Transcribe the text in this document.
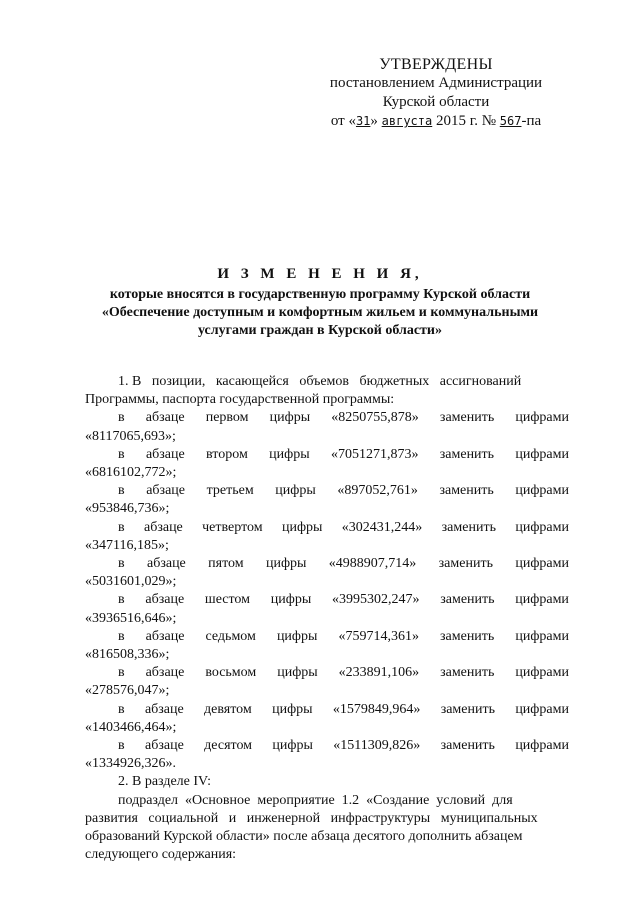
УТВЕРЖДЕНЫ
постановлением Администрации
Курской области
от «31» августа 2015 г. № 567-па
И З М Е Н Е Н И Я,
которые вносятся в государственную программу Курской области
«Обеспечение доступным и комфортным жильем и коммунальными
услугами граждан в Курской области»

1. В   позиции,   касающейся   объемов   бюджетных   ассигнований

Программы, паспорта государственной программы:

в абзаце первом цифры «8250755,878» заменить цифрами
«8117065,693»;
в абзаце втором цифры «7051271,873» заменить цифрами
«6816102,772»;
в абзаце третьем цифры «897052,761» заменить цифрами
«953846,736»;
в абзаце четвертом цифры «302431,244» заменить цифрами
«347116,185»;
в абзаце пятом цифры «4988907,714» заменить цифрами
«5031601,029»;
в абзаце шестом цифры «3995302,247» заменить цифрами
«3936516,646»;
в абзаце седьмом цифры «759714,361» заменить цифрами
«816508,336»;
в абзаце восьмом цифры «233891,106» заменить цифрами
«278576,047»;
в абзаце девятом цифры «1579849,964» заменить цифрами
«1403466,464»;
в абзаце десятом цифры «1511309,826» заменить цифрами
«1334926,326».

2. В разделе IV:

подраздел  «Основное  мероприятие  1.2  «Создание  условий  для

развития   социальной   и   инженерной   инфраструктуры   муниципальных

образований Курской области» после абзаца десятого дополнить абзацем

следующего содержания:
